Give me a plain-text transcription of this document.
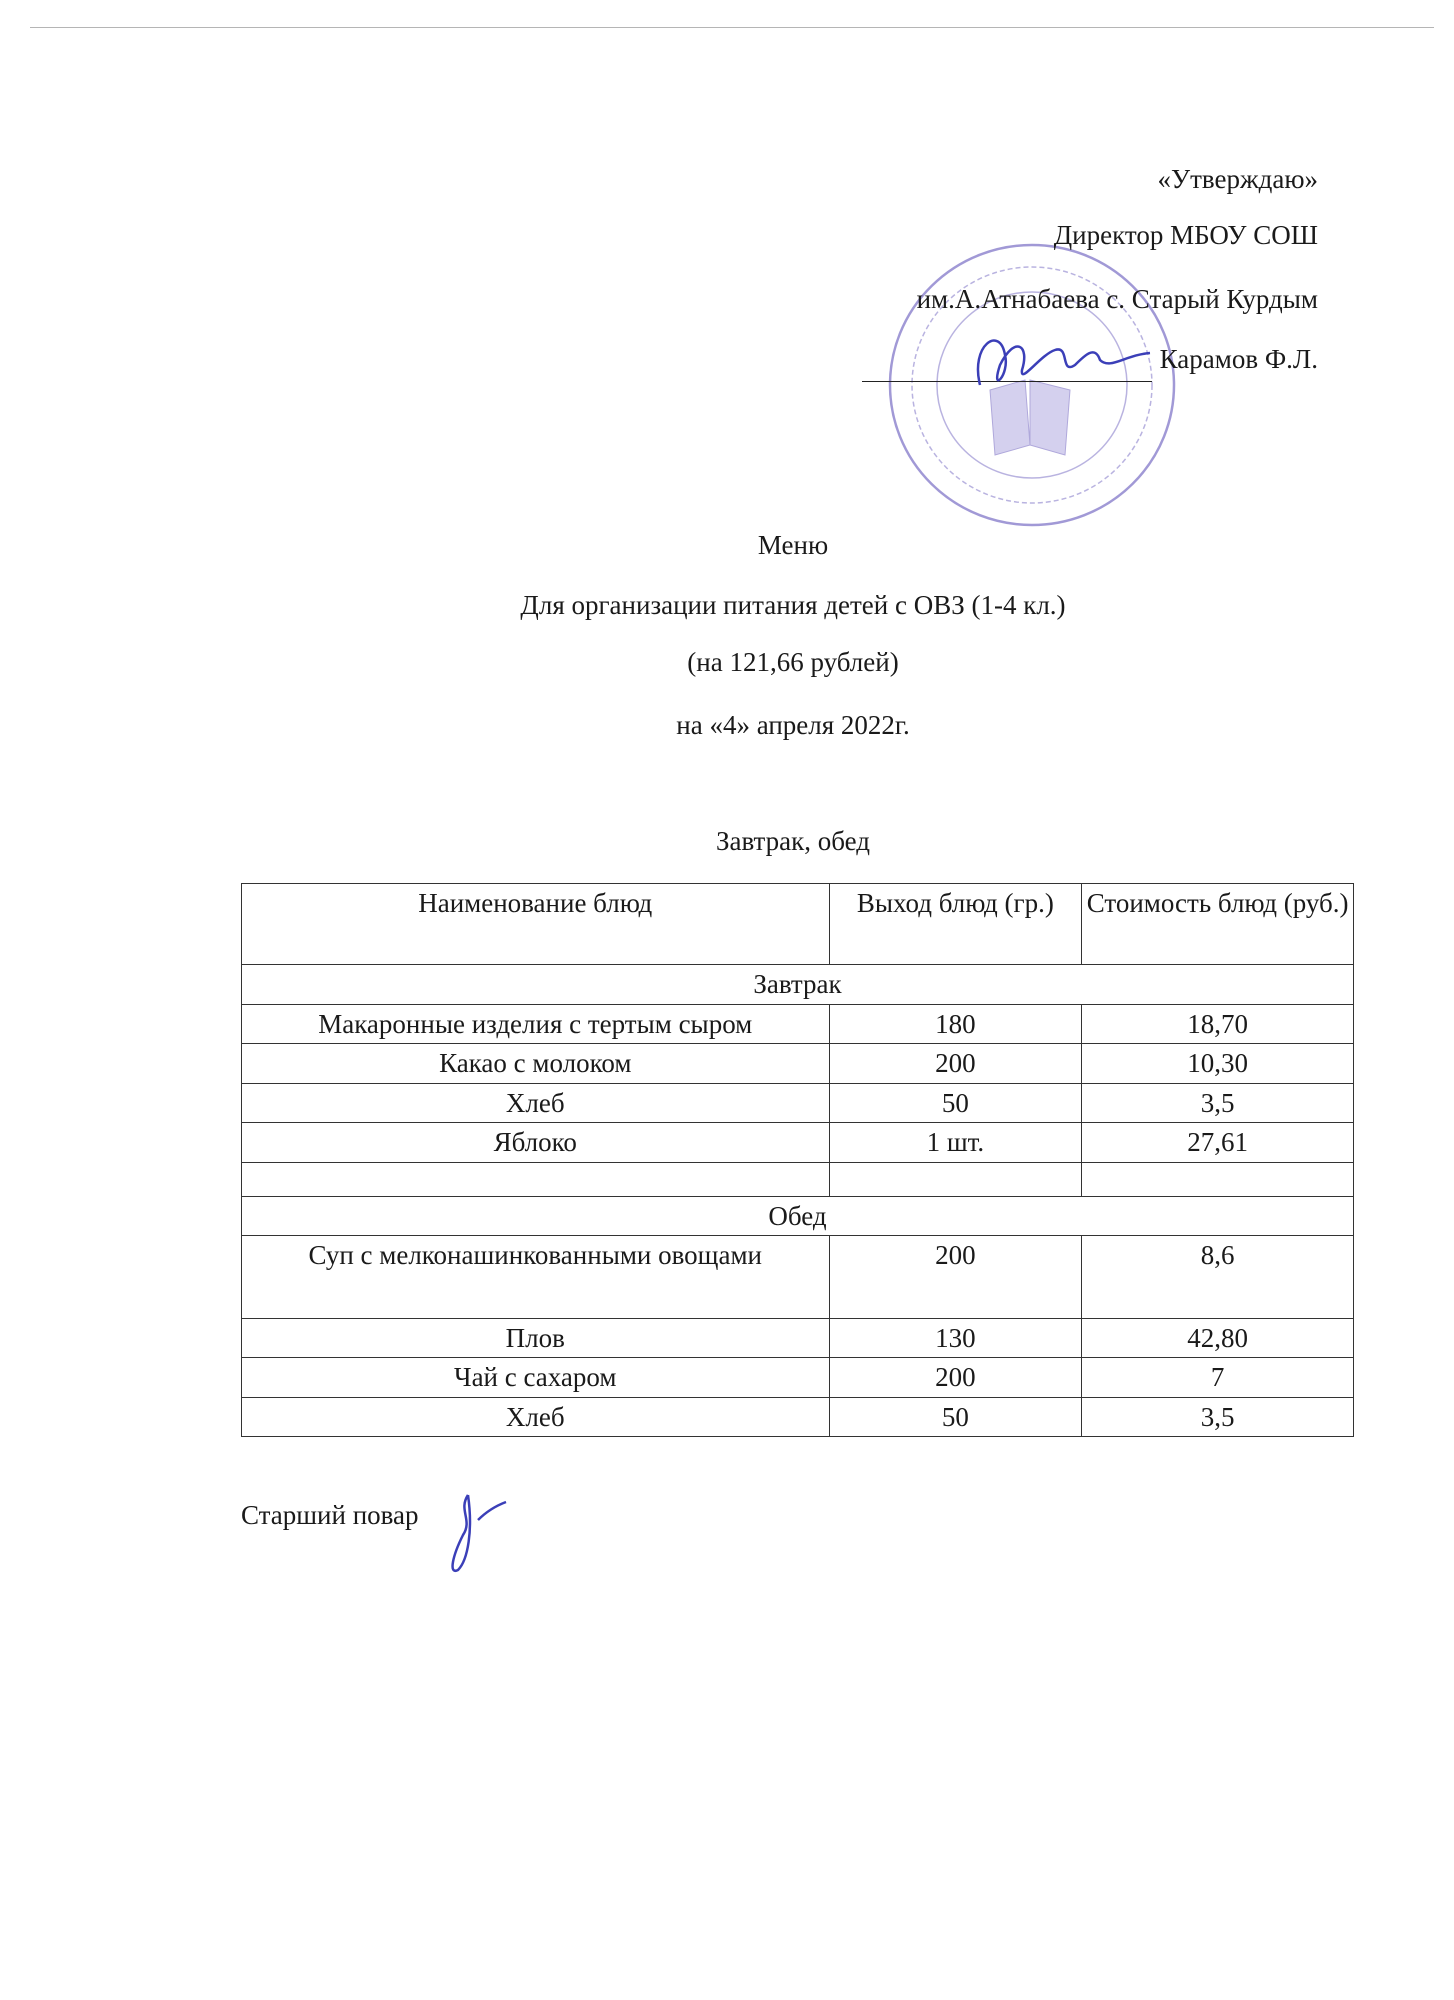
«Утверждаю»
Директор МБОУ СОШ
им.А.Атнабаева с. Старый Курдым
Карамов Ф.Л.
Меню
Для организации питания детей с ОВЗ (1-4 кл.)
(на 121,66 рублей)
на «4» апреля 2022г.
Завтрак, обед
Наименование блюд	Выход блюд (гр.)	Стоимость блюд (руб.)
Завтрак		
Макаронные изделия с тертым сыром	180	18,70
Какао с молоком	200	10,30
Хлеб	50	3,5
Яблоко	1 шт.	27,61

Обед		
Суп с мелконашинкованными овощами	200	8,6
Плов	130	42,80
Чай с сахаром	200	7
Хлеб	50	3,5
Старший повар
